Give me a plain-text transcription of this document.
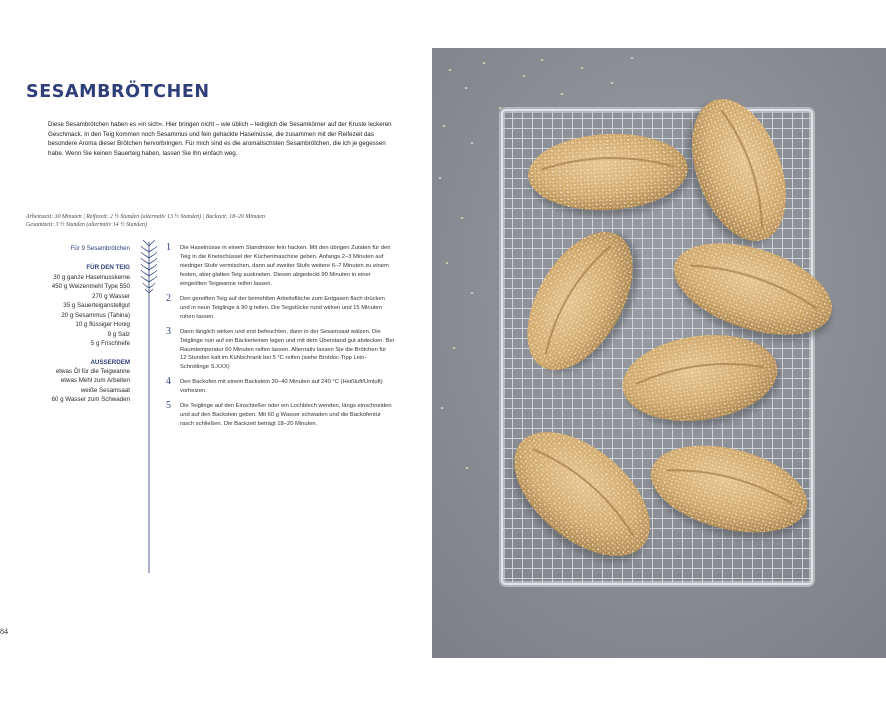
SESAMBRÖTCHEN

Diese Sesambrötchen haben es »in sich«. Hier bringen nicht – wie üblich – lediglich die Sesamkörner auf der Kruste leckeren Geschmack. In den Teig kommen noch Sesammus und fein gehackte Haselnüsse, die zusammen mit der Reifezeit das besondere Aroma dieser Brötchen hervorbringen. Für mich sind es die aromatischsten Sesambrötchen, die ich je gegessen habe. Wenn Sie keinen Sauerteig haben, lassen Sie ihn einfach weg.

Arbeitszeit: 30 Minuten | Reifezeit: 2 ½ Stunden (alternativ 13 ½ Stunden) | Backzeit: 18–20 Minuten
Gesamtzeit: 3 ½ Stunden (alternativ 14 ½ Stunden)
Für 9 Sesambrötchen
FÜR DEN TEIG
30 g ganze Haselnusskerne
450 g Weizenmehl Type 550
270 g Wasser
35 g Sauerteiganstellgut
20 g Sesammus (Tahina)
10 g flüssiger Honig
9 g Salz
5 g Frischhefe
AUSSERDEM
etwas Öl für die Teigwanne
etwas Mehl zum Arbeiten
weiße Sesamsaat
60 g Wasser zum Schwaden
1 Die Haselnüsse in einem Standmixer fein hacken. Mit den übrigen Zutaten für den Teig in die Knetschüssel der Küchenmaschine geben. Anfangs 2–3 Minuten auf niedriger Stufe vermischen, dann auf zweiter Stufe weitere 6–7 Minuten zu einem festen, aber glatten Teig auskneten. Diesen abgedeckt 90 Minuten in einer eingeölten Teigwanne reifen lassen.
2 Den gereiften Teig auf der bemehlten Arbeitsfläche zum Entgasen flach drücken und in neun Teiglinge à 90 g teilen. Die Teigstücke rund wirken und 15 Minuten ruhen lassen.
3 Dann länglich wirken und erst befeuchten, dann in der Sesamsaat wälzen. Die Teiglinge nun auf ein Bäckerleinen legen und mit dem Überstand gut abdecken. Bei Raumtemperatur 60 Minuten reifen lassen. Alternativ lassen Sie die Brötchen für 12 Stunden kalt im Kühlschrank bei 5 °C reifen (siehe Brotdoc-Tipp Lein-Schrotlinge S.XXX)
4 Den Backofen mit einem Backstein 30–40 Minuten auf 240 °C (Heißluft/Umluft) vorheizen.
5 Die Teiglinge auf den Einschießer oder ein Lochblech wenden, längs einschneiden und auf den Backstein geben. Mit 60 g Wasser schwaden und die Backofentür rasch schließen. Die Backzeit beträgt 18–20 Minuten.
84
